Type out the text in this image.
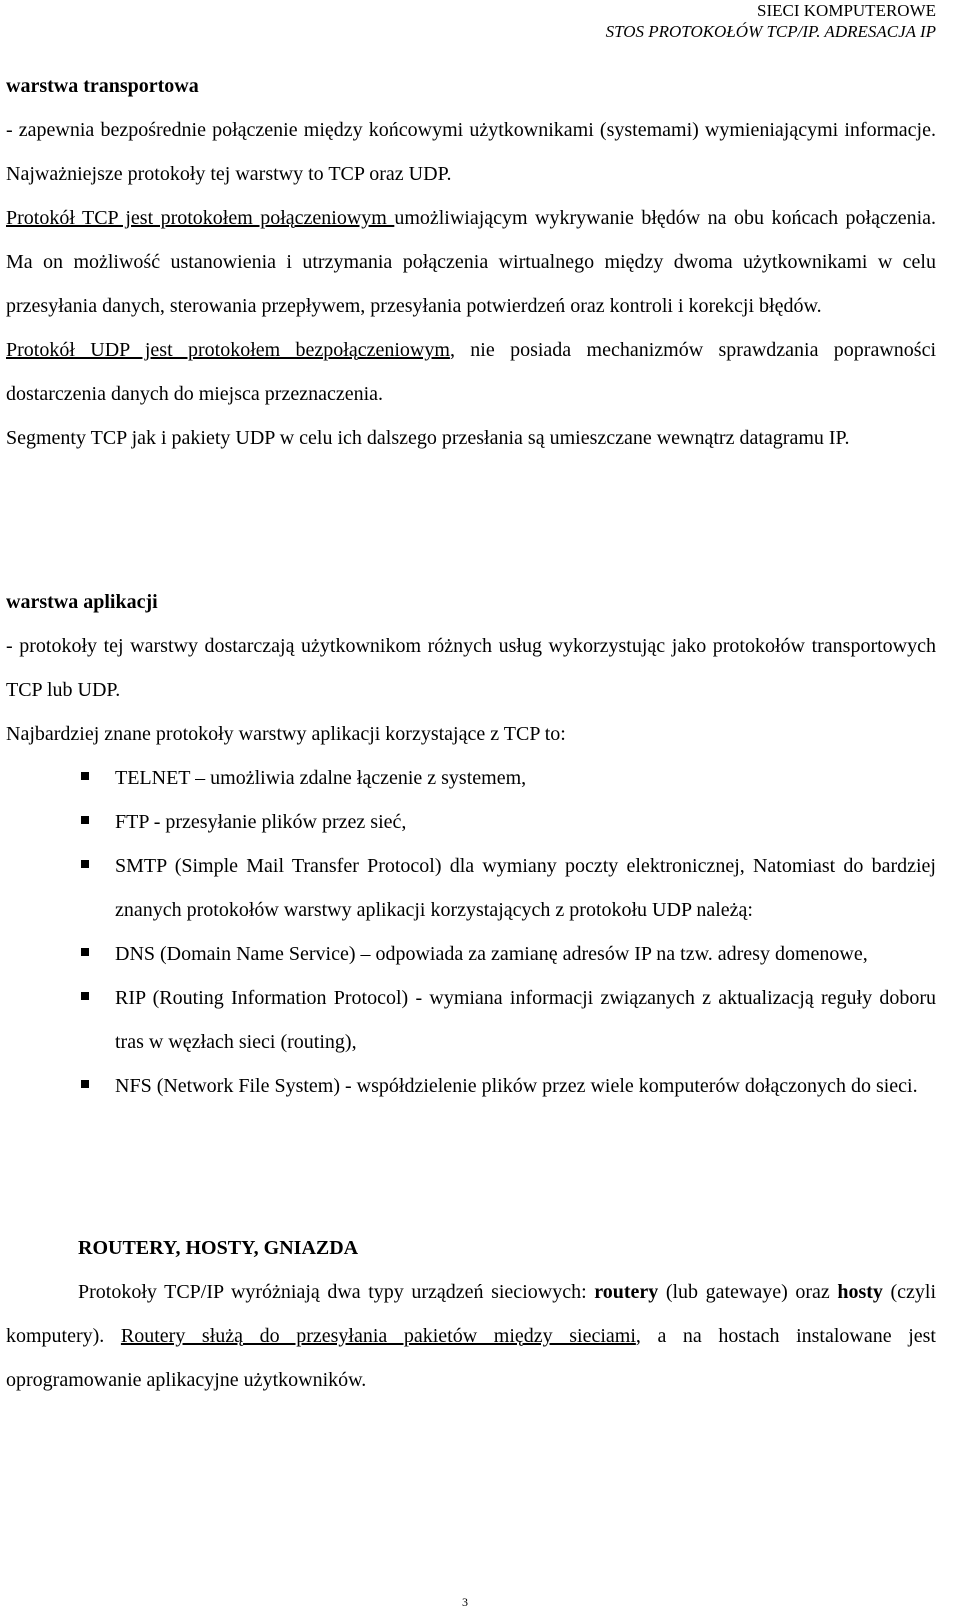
SIECI KOMPUTEROWE
STOS PROTOKOŁÓW TCP/IP. ADRESACJA IP

warstwa transportowa

- zapewnia bezpośrednie połączenie między końcowymi użytkownikami (systemami) wymieniającymi informacje. Najważniejsze protokoły tej warstwy to TCP oraz UDP.

Protokół TCP jest protokołem połączeniowym umożliwiającym wykrywanie błędów na obu końcach połączenia. Ma on możliwość ustanowienia i utrzymania połączenia wirtualnego między dwoma użytkownikami w celu przesyłania danych, sterowania przepływem, przesyłania potwierdzeń oraz kontroli i korekcji błędów.

Protokół UDP jest protokołem bezpołączeniowym, nie posiada mechanizmów sprawdzania poprawności dostarczenia danych do miejsca przeznaczenia.

Segmenty TCP jak i pakiety UDP w celu ich dalszego przesłania są umieszczane wewnątrz datagramu IP.

warstwa aplikacji

- protokoły tej warstwy dostarczają użytkownikom różnych usług wykorzystując jako protokołów transportowych TCP lub UDP.

Najbardziej znane protokoły warstwy aplikacji korzystające z TCP to:

TELNET – umożliwia zdalne łączenie z systemem,
FTP - przesyłanie plików przez sieć,
SMTP (Simple Mail Transfer Protocol) dla wymiany poczty elektronicznej, Natomiast do bardziej znanych protokołów warstwy aplikacji korzystających z protokołu UDP należą:
DNS (Domain Name Service) – odpowiada za zamianę adresów IP na tzw. adresy domenowe,
RIP (Routing Information Protocol) - wymiana informacji związanych z aktualizacją reguły doboru tras w węzłach sieci (routing),
NFS (Network File System) - współdzielenie plików przez wiele komputerów dołączonych do sieci.

ROUTERY, HOSTY, GNIAZDA

Protokoły TCP/IP wyróżniają dwa typy urządzeń sieciowych: routery (lub gatewaye) oraz hosty (czyli komputery). Routery służą do przesyłania pakietów między sieciami, a na hostach instalowane jest oprogramowanie aplikacyjne użytkowników.

3
